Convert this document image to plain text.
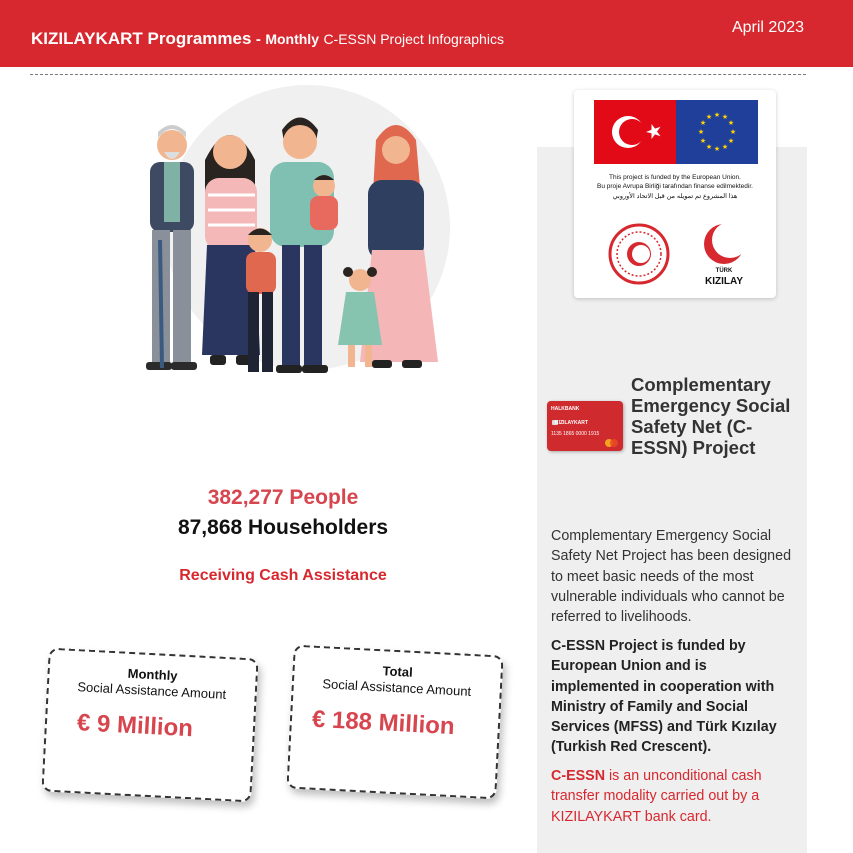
KIZILAYKART Programmes - Monthly C-ESSN Project Infographics
April 2023
382,277 People
87,868 Householders
Receiving Cash Assistance
Monthly
Social Assistance Amount
€ 9 Million
Total
Social Assistance Amount
€ 188 Million
★ ★
★
★
★
★
★
★
★
★
★
★
This project is funded by the European Union.
Bu proje Avrupa Birliği tarafından finanse edilmektedir.
هذا المشروع تم تمويله من قبل الاتحاد الأوروبي
TÜRK
KIZILAY
HALKBANK
KIZILAYKART
1135 1865 0000 1915
Complementary Emergency Social Safety Net (C-ESSN) Project
Complementary Emergency Social Safety Net Project has been designed to meet basic needs of the most vulnerable individuals who cannot be referred to livelihoods.
C-ESSN Project is funded by European Union and is implemented in cooperation with Ministry of Family and Social Services (MFSS) and Türk Kızılay (Turkish Red Crescent).
C-ESSN is an unconditional cash transfer modality carried out by a KIZILAYKART bank card.
